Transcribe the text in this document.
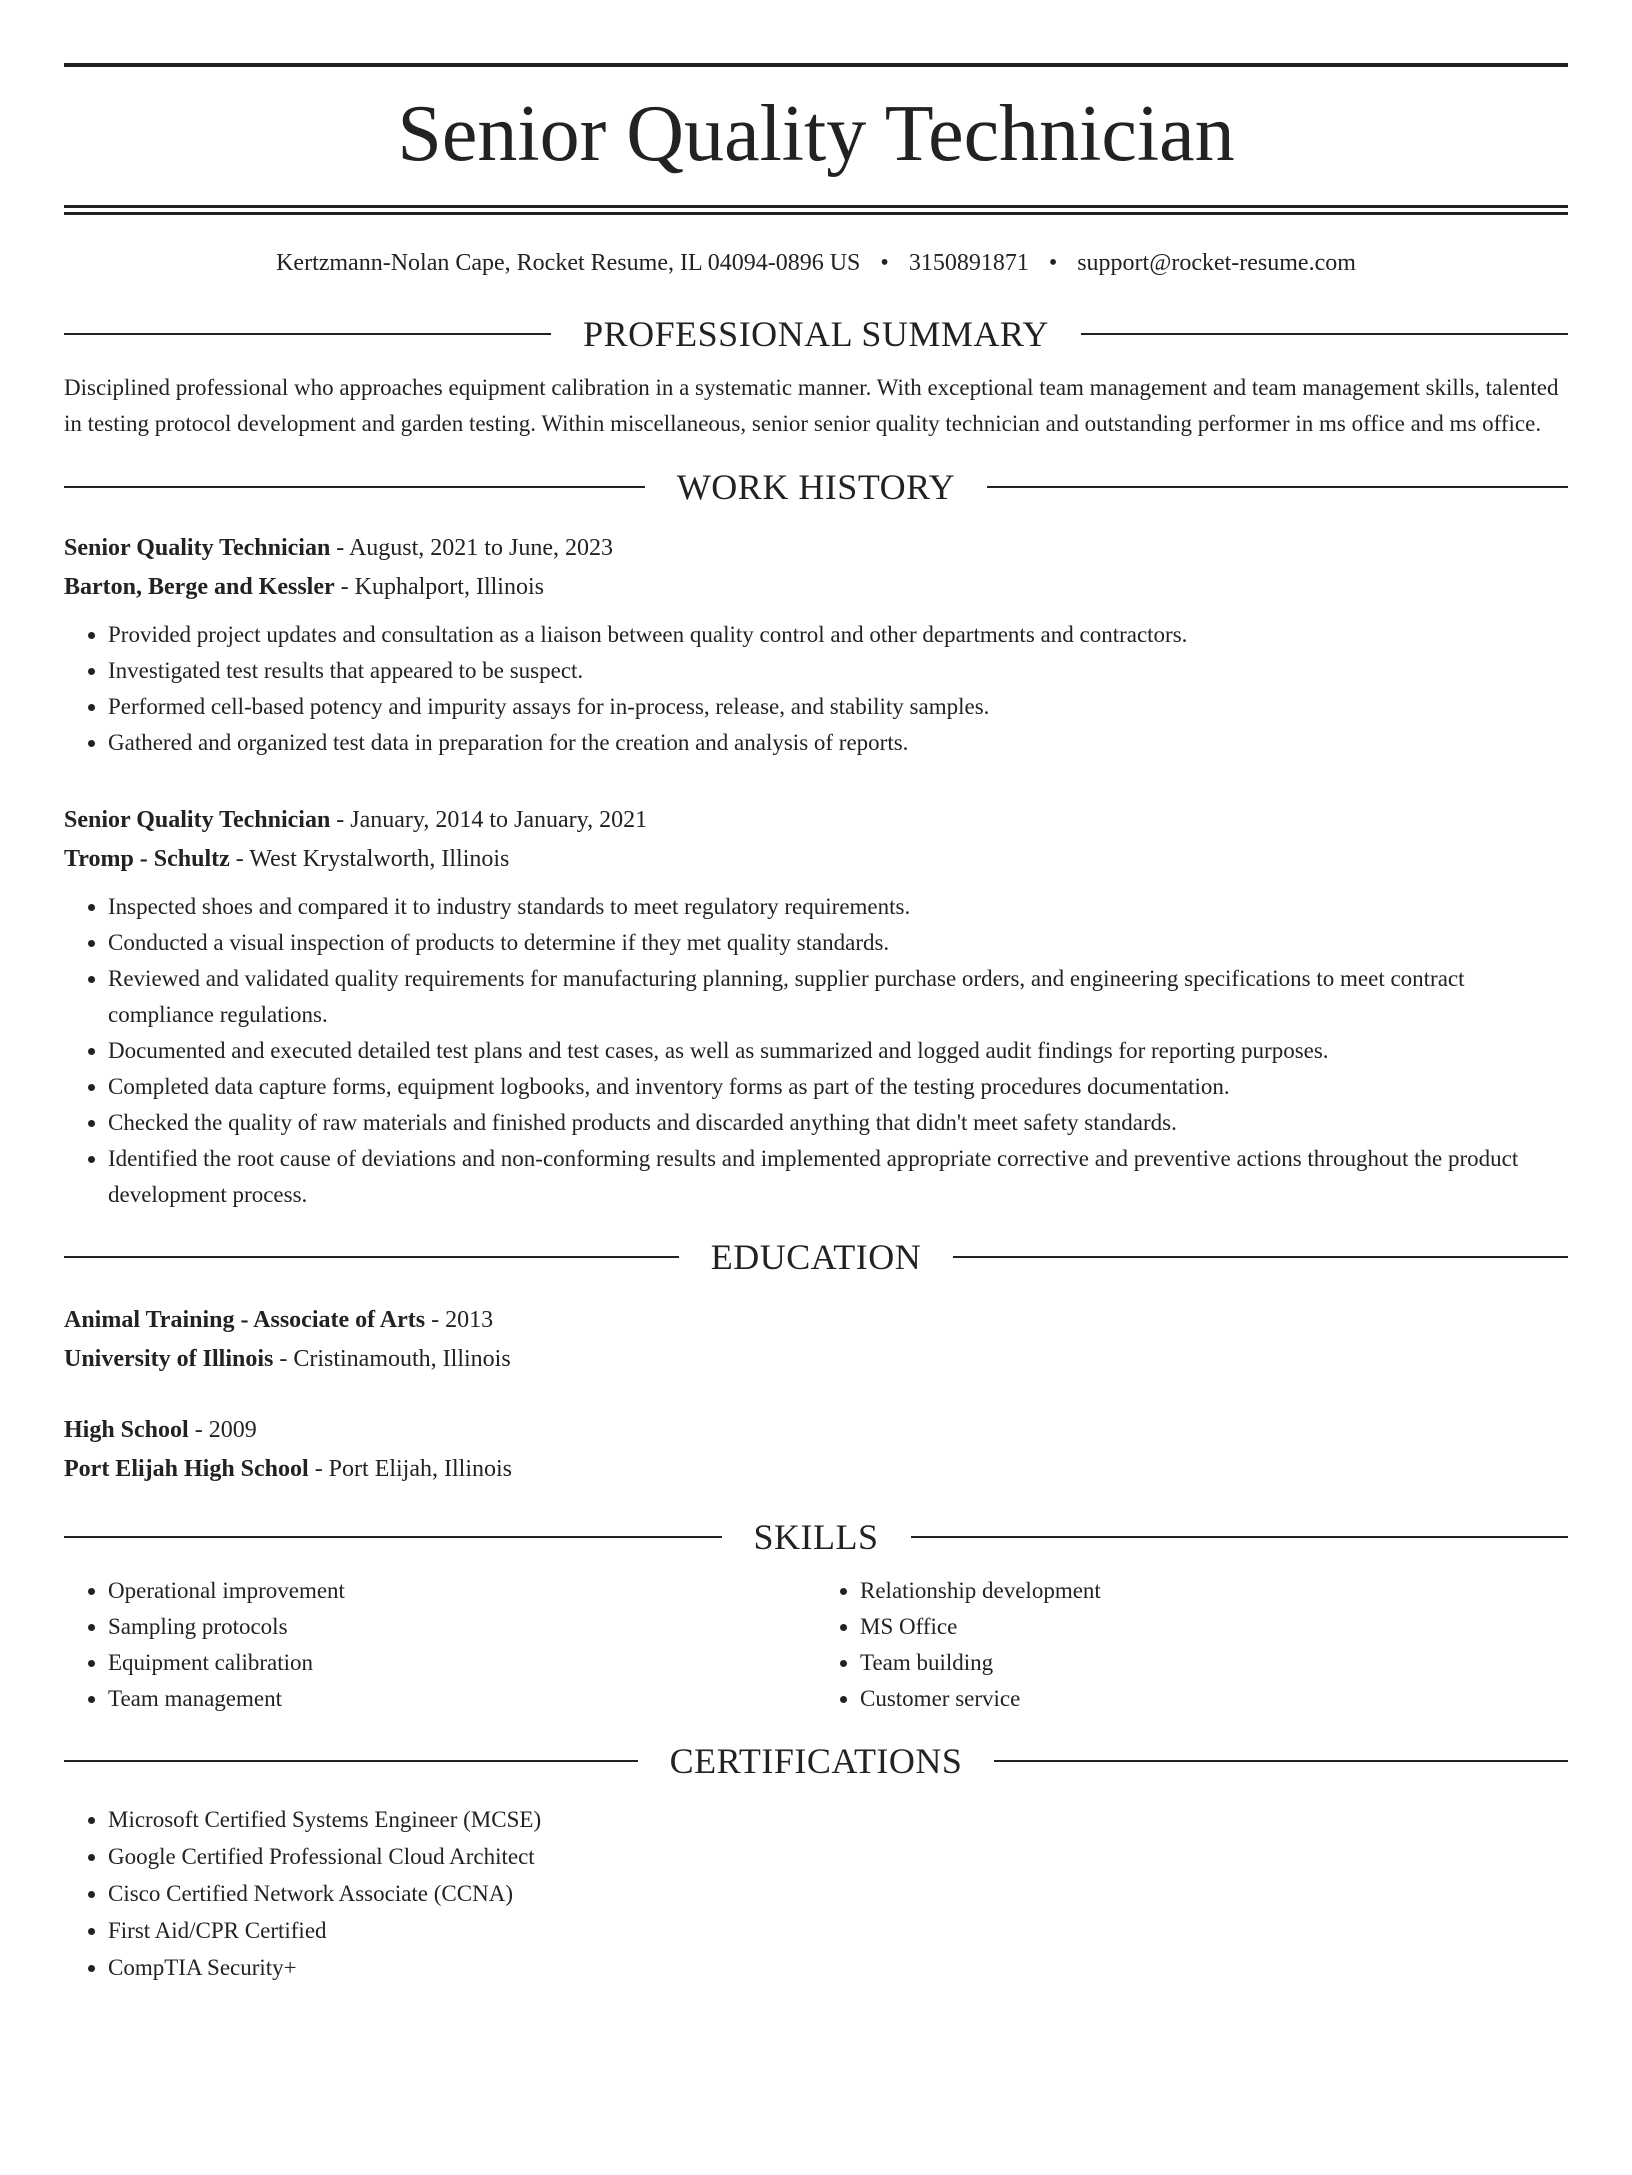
Senior Quality Technician
Kertzmann-Nolan Cape, Rocket Resume, IL 04094-0896 US • 3150891871 • support@rocket-resume.com
PROFESSIONAL SUMMARY

Disciplined professional who approaches equipment calibration in a systematic manner. With exceptional team management and team management skills, talented in testing protocol development and garden testing. Within miscellaneous, senior senior quality technician and outstanding performer in ms office and ms office.

WORK HISTORY
Senior Quality Technician - August, 2021 to June, 2023
Barton, Berge and Kessler - Kuphalport, Illinois
• Provided project updates and consultation as a liaison between quality control and other departments and contractors.
• Investigated test results that appeared to be suspect.
• Performed cell-based potency and impurity assays for in-process, release, and stability samples.
• Gathered and organized test data in preparation for the creation and analysis of reports.
Senior Quality Technician - January, 2014 to January, 2021
Tromp - Schultz - West Krystalworth, Illinois
• Inspected shoes and compared it to industry standards to meet regulatory requirements.
• Conducted a visual inspection of products to determine if they met quality standards.
• Reviewed and validated quality requirements for manufacturing planning, supplier purchase orders, and engineering specifications to meet contract compliance regulations.
• Documented and executed detailed test plans and test cases, as well as summarized and logged audit findings for reporting purposes.
• Completed data capture forms, equipment logbooks, and inventory forms as part of the testing procedures documentation.
• Checked the quality of raw materials and finished products and discarded anything that didn't meet safety standards.
• Identified the root cause of deviations and non-conforming results and implemented appropriate corrective and preventive actions throughout the product development process.
EDUCATION
Animal Training - Associate of Arts - 2013
University of Illinois - Cristinamouth, Illinois
High School - 2009
Port Elijah High School - Port Elijah, Illinois
SKILLS
• Operational improvement
• Sampling protocols
• Equipment calibration
• Team management
• Relationship development
• MS Office
• Team building
• Customer service
CERTIFICATIONS
• Microsoft Certified Systems Engineer (MCSE)
• Google Certified Professional Cloud Architect
• Cisco Certified Network Associate (CCNA)
• First Aid/CPR Certified
• CompTIA Security+
